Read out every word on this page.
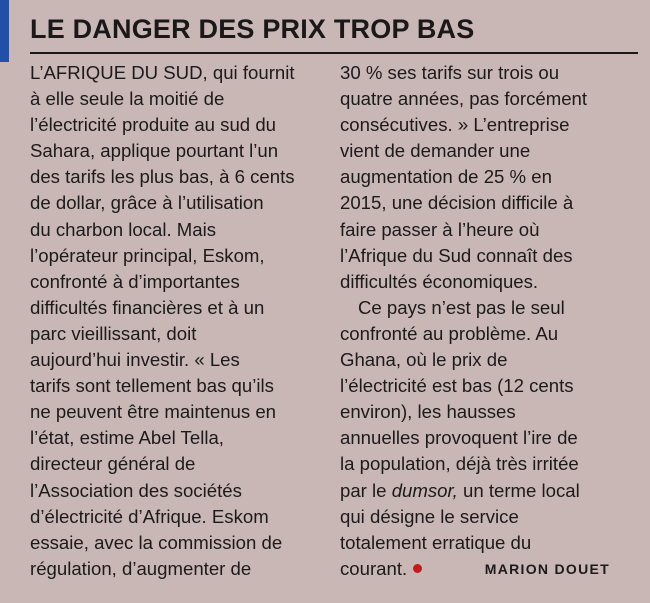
LE DANGER DES PRIX TROP BAS
L’AFRIQUE DU SUD, qui fournit
à elle seule la moitié de
l’électricité produite au sud du
Sahara, applique pourtant l’un
des tarifs les plus bas, à 6 cents
de dollar, grâce à l’utilisation
du charbon local. Mais
l’opérateur principal, Eskom,
confronté à d’importantes
difficultés financières et à un
parc vieillissant, doit
aujourd’hui investir. « Les
tarifs sont tellement bas qu’ils
ne peuvent être maintenus en
l’état, estime Abel Tella,
directeur général de
l’Association des sociétés
d’électricité d’Afrique. Eskom
essaie, avec la commission de
régulation, d’augmenter de
30 % ses tarifs sur trois ou
quatre années, pas forcément
consécutives. » L’entreprise
vient de demander une
augmentation de 25 % en
2015, une décision difficile à
faire passer à l’heure où
l’Afrique du Sud connaît des
difficultés économiques.
Ce pays n’est pas le seul
confronté au problème. Au
Ghana, où le prix de
l’électricité est bas (12 cents
environ), les hausses
annuelles provoquent l’ire de
la population, déjà très irritée
par le dumsor, un terme local
qui désigne le service
totalement erratique du
courant.	MARION DOUET
